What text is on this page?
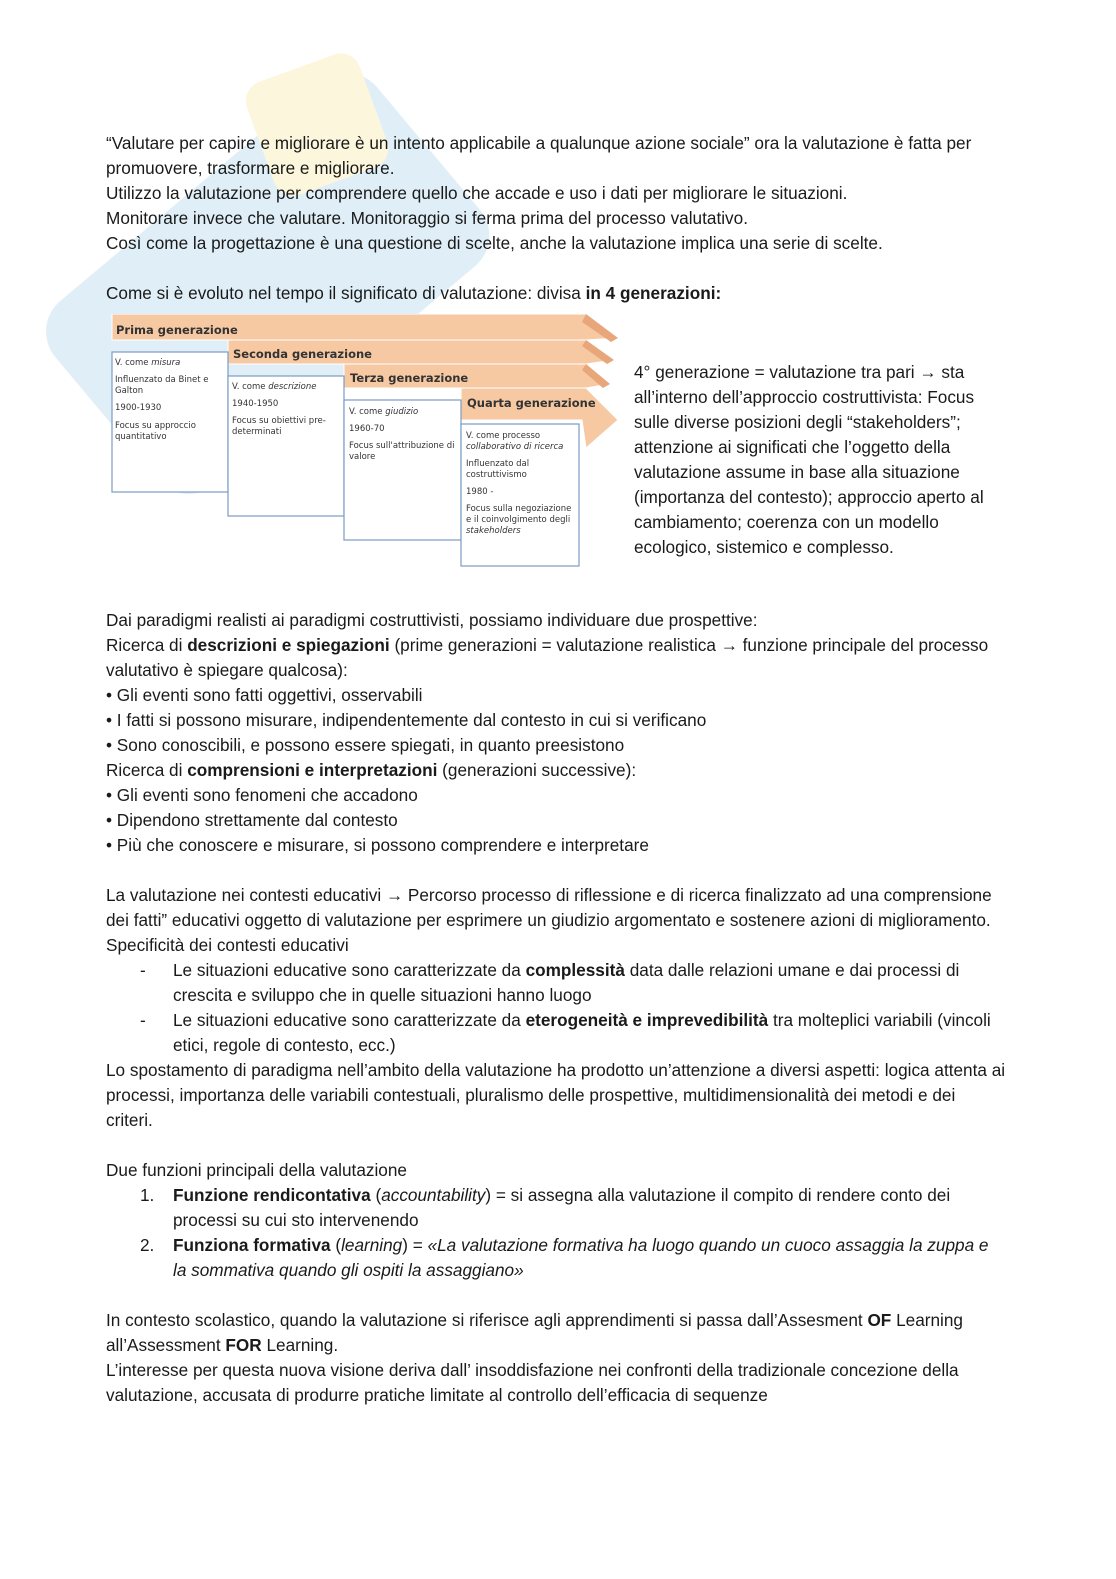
“Valutare per capire e migliorare è un intento applicabile a qualunque azione sociale” ora la valutazione è fatta per promuovere, trasformare e migliorare.

Utilizzo la valutazione per comprendere quello che accade e uso i dati per migliorare le situazioni.

Monitorare invece che valutare. Monitoraggio si ferma prima del processo valutativo.

Così come la progettazione è una questione di scelte, anche la valutazione implica una serie di scelte.

Come si è evoluto nel tempo il significato di valutazione: divisa in 4 generazioni:

Prima generazione
Seconda generazione
Terza generazione
Quarta generazione
V. come misura
Influenzato da Binet e
Galton
1900-1930
Focus su approccio
quantitativo
V. come descrizione
1940-1950
Focus su obiettivi pre-
determinati
V. come giudizio
1960-70
Focus sull'attribuzione di
valore
V. come processo
collaborativo di ricerca
Influenzato dal
costruttivismo
1980 -
Focus sulla negoziazione
e il coinvolgimento degli
stakeholders

4° generazione = valutazione tra pari → sta all’interno dell’approccio costruttivista: Focus sulle diverse posizioni degli “stakeholders”; attenzione ai significati che l’oggetto della valutazione assume in base alla situazione (importanza del contesto); approccio aperto al cambiamento; coerenza con un modello ecologico, sistemico e complesso.

Dai paradigmi realisti ai paradigmi costruttivisti, possiamo individuare due prospettive:

Ricerca di descrizioni e spiegazioni (prime generazioni = valutazione realistica → funzione principale del processo valutativo è spiegare qualcosa):

• Gli eventi sono fatti oggettivi, osservabili

• I fatti si possono misurare, indipendentemente dal contesto in cui si verificano

• Sono conoscibili, e possono essere spiegati, in quanto preesistono

Ricerca di comprensioni e interpretazioni (generazioni successive):

• Gli eventi sono fenomeni che accadono

• Dipendono strettamente dal contesto

• Più che conoscere e misurare, si possono comprendere e interpretare

La valutazione nei contesti educativi → Percorso processo di riflessione e di ricerca finalizzato ad una comprensione dei fatti” educativi oggetto di valutazione per esprimere un giudizio argomentato e sostenere azioni di miglioramento.

Specificità dei contesti educativi

- Le situazioni educative sono caratterizzate da complessità data dalle relazioni umane e dai processi di crescita e sviluppo che in quelle situazioni hanno luogo

- Le situazioni educative sono caratterizzate da eterogeneità e imprevedibilità tra molteplici variabili (vincoli etici, regole di contesto, ecc.)

Lo spostamento di paradigma nell’ambito della valutazione ha prodotto un’attenzione a diversi aspetti: logica attenta ai processi, importanza delle variabili contestuali, pluralismo delle prospettive, multidimensionalità dei metodi e dei criteri.

Due funzioni principali della valutazione

1. Funzione rendicontativa (accountability) = si assegna alla valutazione il compito di rendere conto dei processi su cui sto intervenendo

2. Funziona formativa (learning) = «La valutazione formativa ha luogo quando un cuoco assaggia la zuppa e la sommativa quando gli ospiti la assaggiano»

In contesto scolastico, quando la valutazione si riferisce agli apprendimenti si passa dall’Assesment OF Learning all’Assessment FOR Learning.

L’interesse per questa nuova visione deriva dall’ insoddisfazione nei confronti della tradizionale concezione della valutazione, accusata di produrre pratiche limitate al controllo dell’efficacia di sequenze
